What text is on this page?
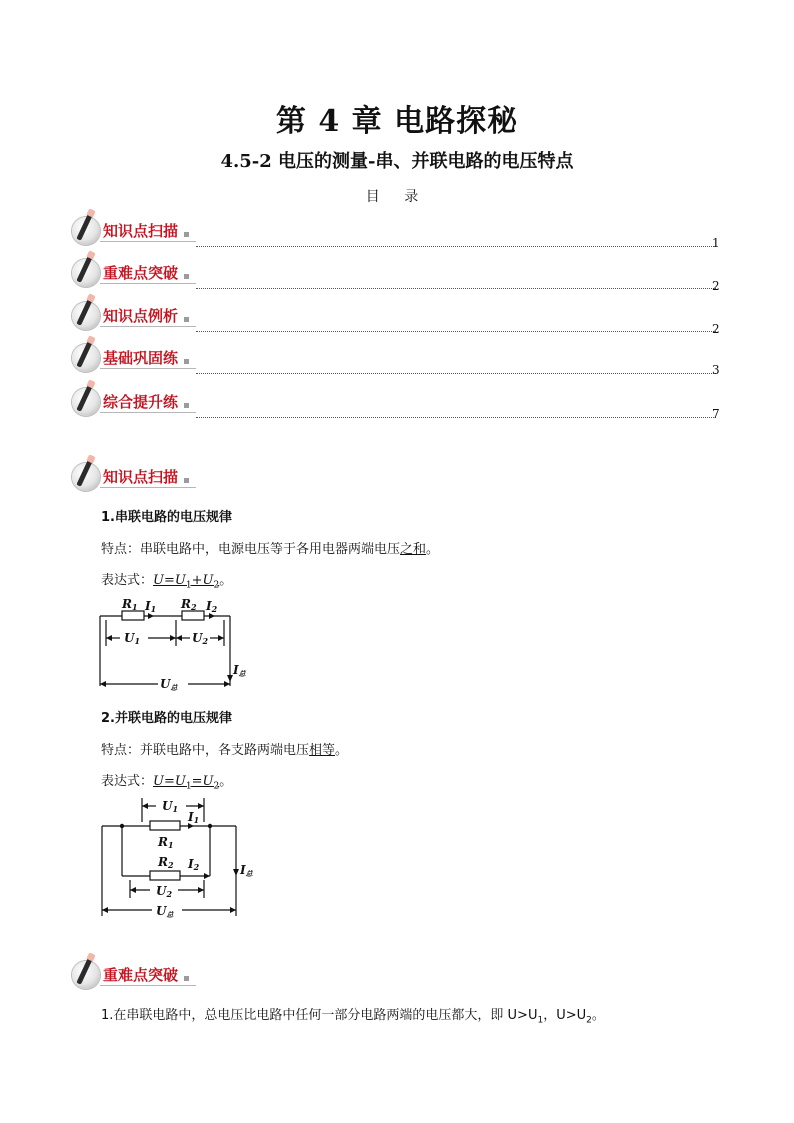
第 4 章 电路探秘
4.5-2 电压的测量-串、并联电路的电压特点
目 录
知识点扫描
1
重难点突破
2
知识点例析
2
基础巩固练
3
综合提升练
7
知识点扫描
1.串联电路的电压规律
特点：串联电路中，电源电压等于各用电器两端电压之和。
表达式：$U=U_1+U_2$。
R1 I1 R2 I2
U1	U2
I总
U总
2.并联电路的电压规律
特点：并联电路中，各支路两端电压相等。
表达式：$U=U_1=U_2$。
U1
I1
R1
R2 I2
U2
I总
U总
重难点突破
1.在串联电路中，总电压比电路中任何一部分电路两端的电压都大，即 $U>U_1$，$U>U_2$。
